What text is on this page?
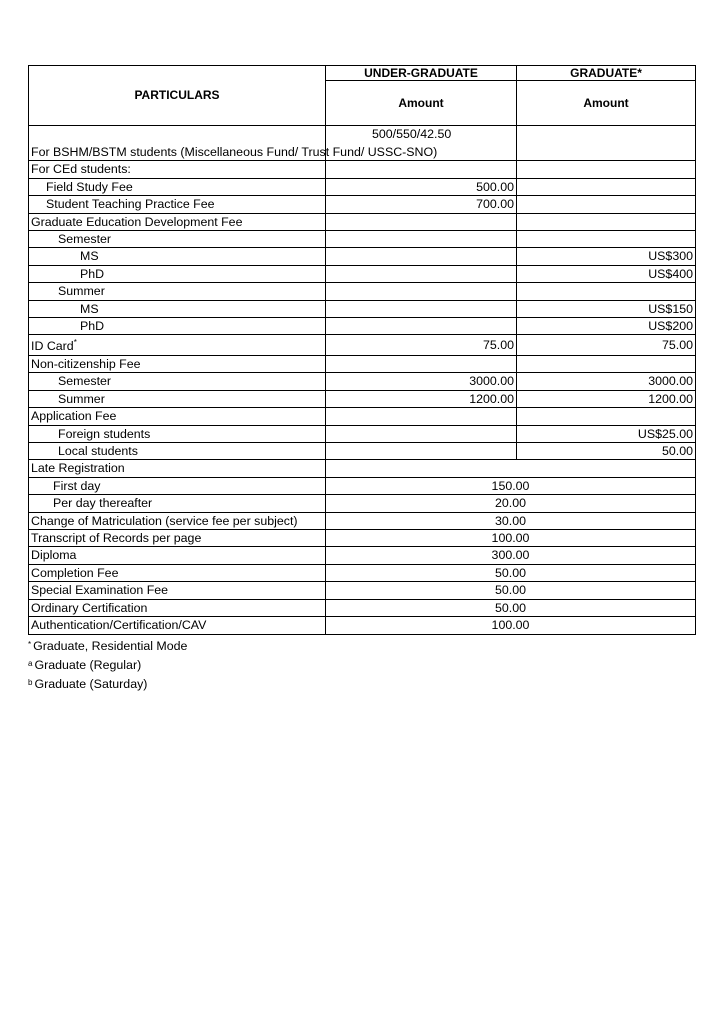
PARTICULARS	UNDER-GRADUATE	GRADUATE*
	Amount	Amount
For BSHM/BSTM students (Miscellaneous Fund/ Trust Fund/ USSC-SNO)	500/550/42.50	
For CEd students:		
Field Study Fee	500.00	
Student Teaching Practice Fee	700.00	
Graduate Education Development Fee		
Semester		
MS		US$300
PhD		US$400
Summer		
MS		US$150
PhD		US$200
ID Card*	75.00	75.00
Non-citizenship Fee		
Semester	3000.00	3000.00
Summer	1200.00	1200.00
Application Fee		
Foreign students		US$25.00
Local students		50.00
Late Registration		
First day	150.00	
Per day thereafter	20.00	
Change of Matriculation (service fee per subject)	30.00	
Transcript of Records per page	100.00	
Diploma	300.00	
Completion Fee	50.00	
Special Examination Fee	50.00	
Ordinary Certification	50.00	
Authentication/Certification/CAV	100.00	
* Graduate, Residential Mode
$^a$ Graduate (Regular)
$^b$ Graduate (Saturday)
